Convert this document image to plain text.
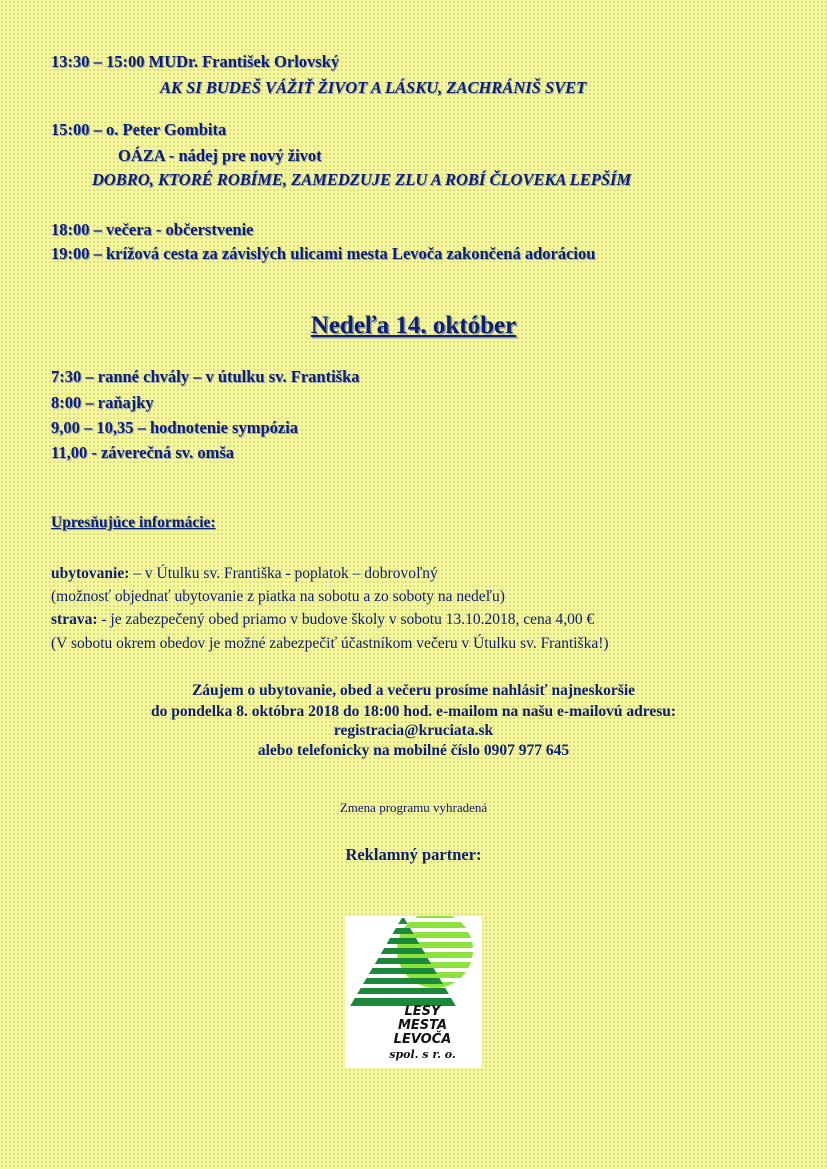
13:30 – 15:00 MUDr. František Orlovský
AK SI BUDEŠ VÁŽIŤ ŽIVOT A LÁSKU, ZACHRÁNIŠ SVET
15:00 – o. Peter Gombita
OÁZA - nádej pre nový život
DOBRO, KTORÉ ROBÍME, ZAMEDZUJE ZLU A ROBÍ ČLOVEKA LEPŠÍM
18:00 – večera - občerstvenie
19:00 – krížová cesta za závislých ulicami mesta Levoča zakončená adoráciou
Nedeľa 14. október
7:30 – ranné chvály – v útulku sv. Františka
8:00 – raňajky
9,00 – 10,35 – hodnotenie sympózia
11,00 - záverečná sv. omša
Upresňujúce informácie:
ubytovanie: – v Útulku sv. Františka - poplatok – dobrovoľný
(možnosť objednať ubytovanie z piatka na sobotu a zo soboty na nedeľu)
strava: - je zabezpečený obed priamo v budove školy v sobotu 13.10.2018, cena 4,00 €
(V sobotu okrem obedov je možné zabezpečiť účastníkom večeru v Útulku sv. Františka!)
Záujem o ubytovanie, obed a večeru prosíme nahlásiť najneskoršie
do pondelka 8. októbra 2018 do 18:00 hod. e-mailom na našu e-mailovú adresu:
registracia@kruciata.sk
alebo telefonicky na mobilné číslo 0907 977 645
Zmena programu vyhradená
Reklamný partner:
LESY
MESTA
LEVOČA
spol. s r. o.
